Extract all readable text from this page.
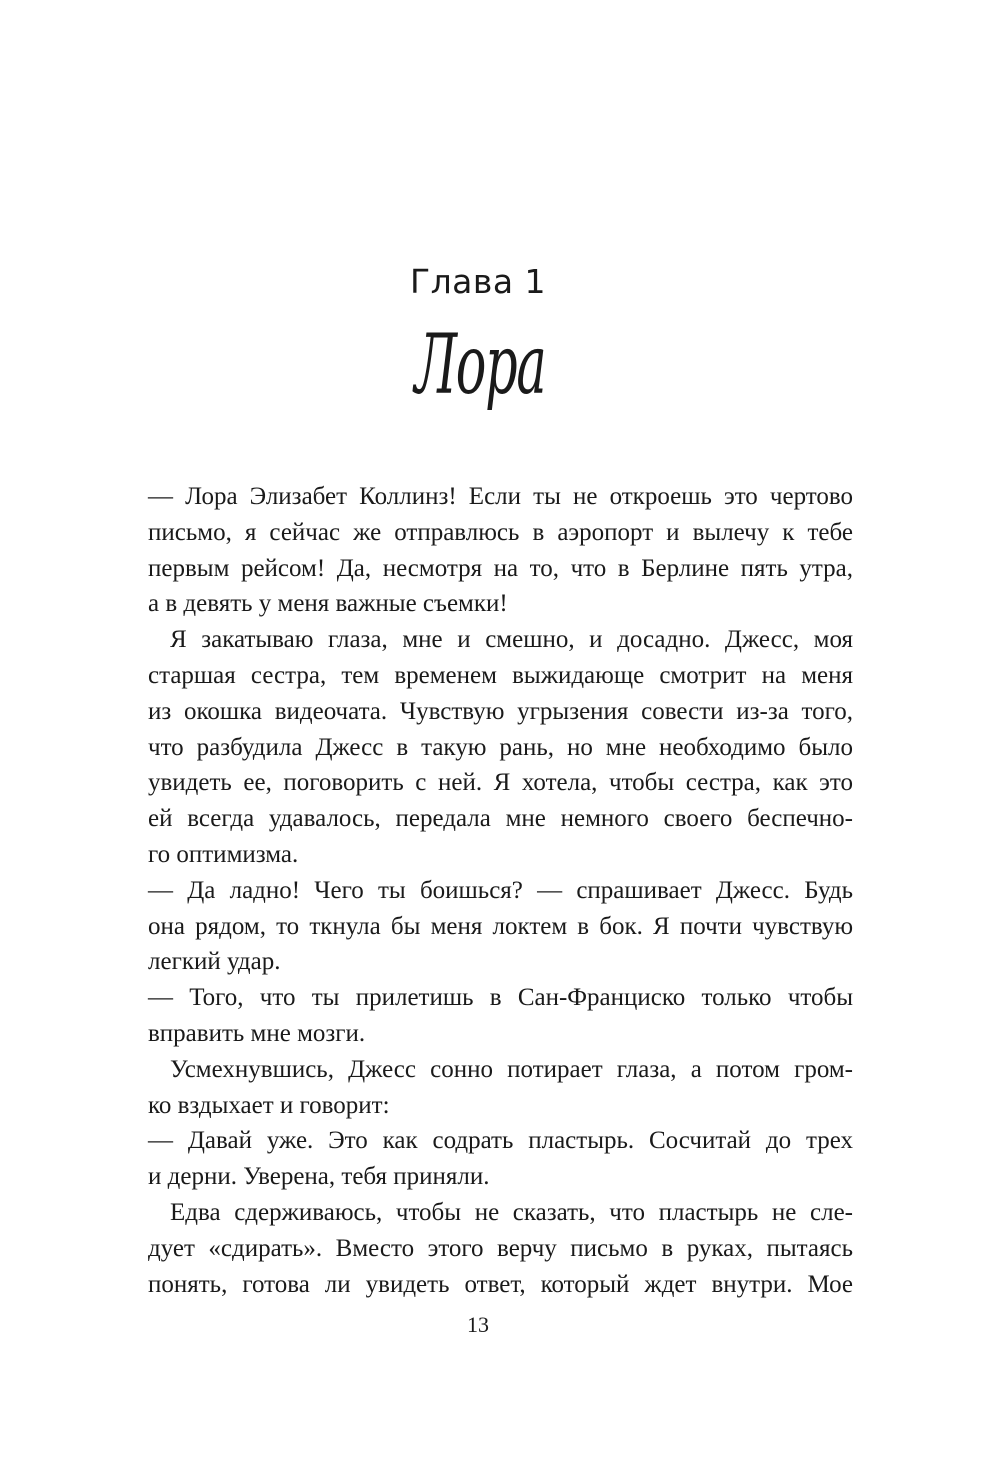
Глава 1
Лора
— Лора Элизабет Коллинз! Если ты не откроешь это чертово
письмо, я сейчас же отправлюсь в аэропорт и вылечу к тебе
первым рейсом! Да, несмотря на то, что в Берлине пять утра,
а в девять у меня важные съемки!
Я закатываю глаза, мне и смешно, и досадно. Джесс, моя
старшая сестра, тем временем выжидающе смотрит на меня
из окошка видеочата. Чувствую угрызения совести из-за того,
что разбудила Джесс в такую рань, но мне необходимо было
увидеть ее, поговорить с ней. Я хотела, чтобы сестра, как это
ей всегда удавалось, передала мне немного своего беспечно-
го оптимизма.
— Да ладно! Чего ты боишься? — спрашивает Джесс. Будь
она рядом, то ткнула бы меня локтем в бок. Я почти чувствую
легкий удар.
— Того, что ты прилетишь в Сан-Франциско только чтобы
вправить мне мозги.
Усмехнувшись, Джесс сонно потирает глаза, а потом гром-
ко вздыхает и говорит:
— Давай уже. Это как содрать пластырь. Сосчитай до трех
и дерни. Уверена, тебя приняли.
Едва сдерживаюсь, чтобы не сказать, что пластырь не сле-
дует «сдирать». Вместо этого верчу письмо в руках, пытаясь
понять, готова ли увидеть ответ, который ждет внутри. Мое
13
